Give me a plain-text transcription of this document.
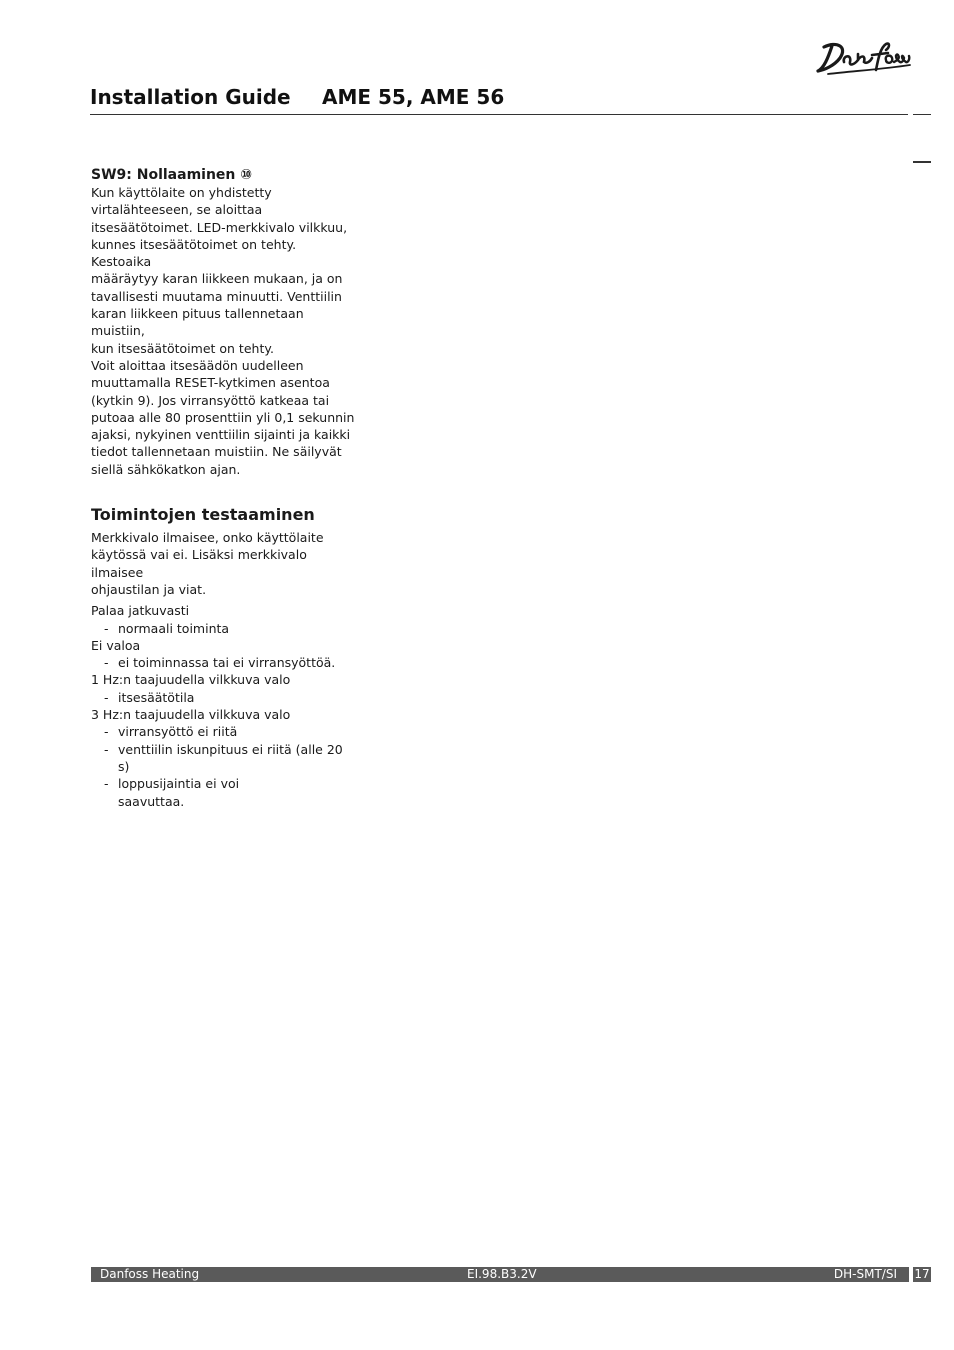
Installation Guide AME 55, AME 56
SW9: Nollaaminen ⑩

Kun käyttölaite on yhdistetty

virtalähteeseen, se aloittaa

itsesäätötoimet. LED-merkkivalo vilkkuu,

kunnes itsesäätötoimet on tehty. Kestoaika

määräytyy karan liikkeen mukaan, ja on

tavallisesti muutama minuutti. Venttiilin

karan liikkeen pituus tallennetaan muistiin,

kun itsesäätötoimet on tehty.

Voit aloittaa itsesäädön uudelleen

muuttamalla RESET-kytkimen asentoa

(kytkin 9). Jos virransyöttö katkeaa tai

putoaa alle 80 prosenttiin yli 0,1 sekunnin

ajaksi, nykyinen venttiilin sijainti ja kaikki

tiedot tallennetaan muistiin. Ne säilyvät

siellä sähkökatkon ajan.

Toimintojen testaaminen

Merkkivalo ilmaisee, onko käyttölaite

käytössä vai ei. Lisäksi merkkivalo ilmaisee

ohjaustilan ja viat.

Palaa jatkuvasti

- normaali toiminta

Ei valoa

- ei toiminnassa tai ei virransyöttöä.

1 Hz:n taajuudella vilkkuva valo

- itsesäätötila

3 Hz:n taajuudella vilkkuva valo

- virransyöttö ei riitä

- venttiilin iskunpituus ei riitä (alle 20 s)

- loppusijaintia ei voi

saavuttaa.

Danfoss Heating	EI.98.B3.2V	DH-SMT/SI 17
